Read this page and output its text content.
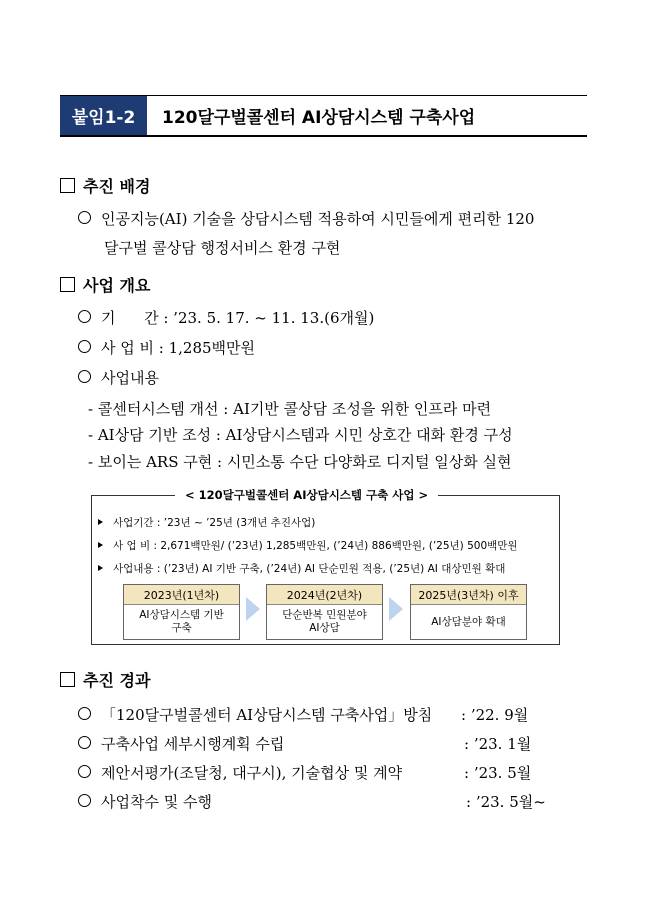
붙임1-2	120달구벌콜센터 AI상담시스템 구축사업
추진 배경
인공지능(AI) 기술을 상담시스템 적용하여 시민들에게 편리한 120
달구벌 콜상담 행정서비스 환경 구현
사업 개요
기      간 : ’23. 5. 17. ~ 11. 13.(6개월)
사 업 비 : 1,285백만원
사업내용
- 콜센터시스템 개선 : AI기반 콜상담 조성을 위한 인프라 마련
- AI상담 기반 조성 : AI상담시스템과 시민 상호간 대화 환경 구성
- 보이는 ARS 구현 : 시민소통 수단 다양화로 디지털 일상화 실현
< 120달구벌콜센터 AI상담시스템 구축 사업 >
사업기간 : ’23년 ~ ’25년 (3개년 추진사업)
사 업 비 : 2,671백만원/ (’23년) 1,285백만원, (’24년) 886백만원, (’25년) 500백만원
사업내용 : (’23년) AI 기반 구축, (’24년) AI 단순민원 적용, (’25년) AI 대상민원 확대
2023년(1년차)
AI상담시스템 기반
구축
2024년(2년차)
단순반복 민원분야
AI상담
2025년(3년차) 이후
AI상담분야 확대
추진 경과
「120달구벌콜센터 AI상담시스템 구축사업」방침 : ’22. 9월
구축사업 세부시행계획 수립	: ’23. 1월
제안서평가(조달청, 대구시), 기술협상 및 계약	: ’23. 5월
사업착수 및 수행	: ’23. 5월~
